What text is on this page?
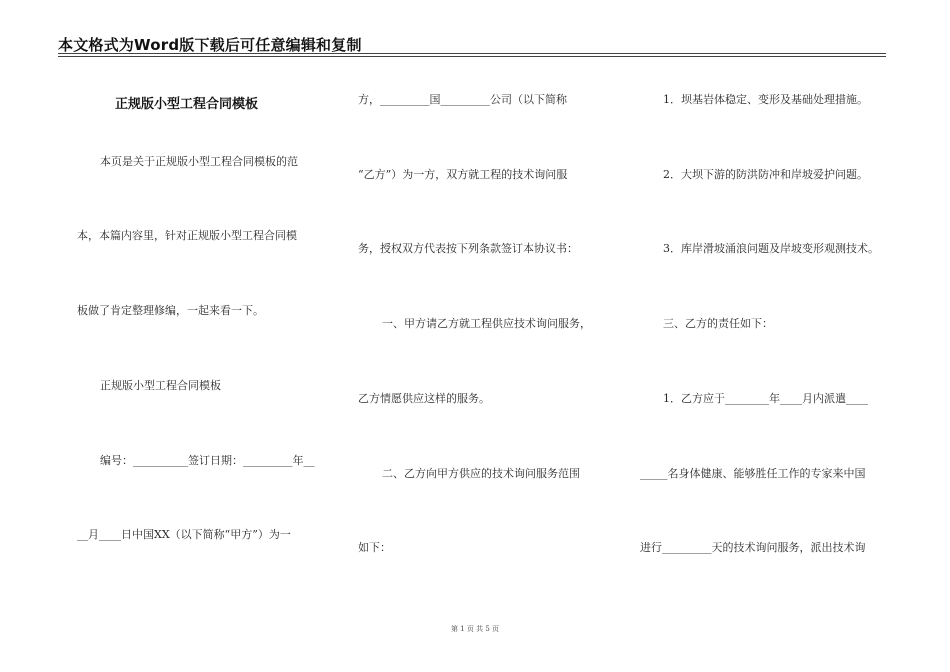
本文格式为Word版下载后可任意编辑和复制
正规版小型工程合同模板
本页是关于正规版小型工程合同模板的范
本，本篇内容里，针对正规版小型工程合同模
板做了肯定整理修编，一起来看一下。
正规版小型工程合同模板
编号：__________签订日期：_________年__
__月____日中国XX（以下简称“甲方”）为一
方，_________国_________公司（以下简称
“乙方”）为一方，双方就工程的技术询问服
务，授权双方代表按下列条款签订本协议书：
一、甲方请乙方就工程供应技术询问服务，
乙方情愿供应这样的服务。
二、乙方向甲方供应的技术询问服务范围
如下：
1．坝基岩体稳定、变形及基础处理措施。
2．大坝下游的防洪防冲和岸坡爱护问题。
3．库岸滑坡涌浪问题及岸坡变形观测技术。
三、乙方的责任如下：
1．乙方应于________年____月内派遣____
_____名身体健康、能够胜任工作的专家来中国
进行_________天的技术询问服务，派出技术询
第 1 页 共 5 页
